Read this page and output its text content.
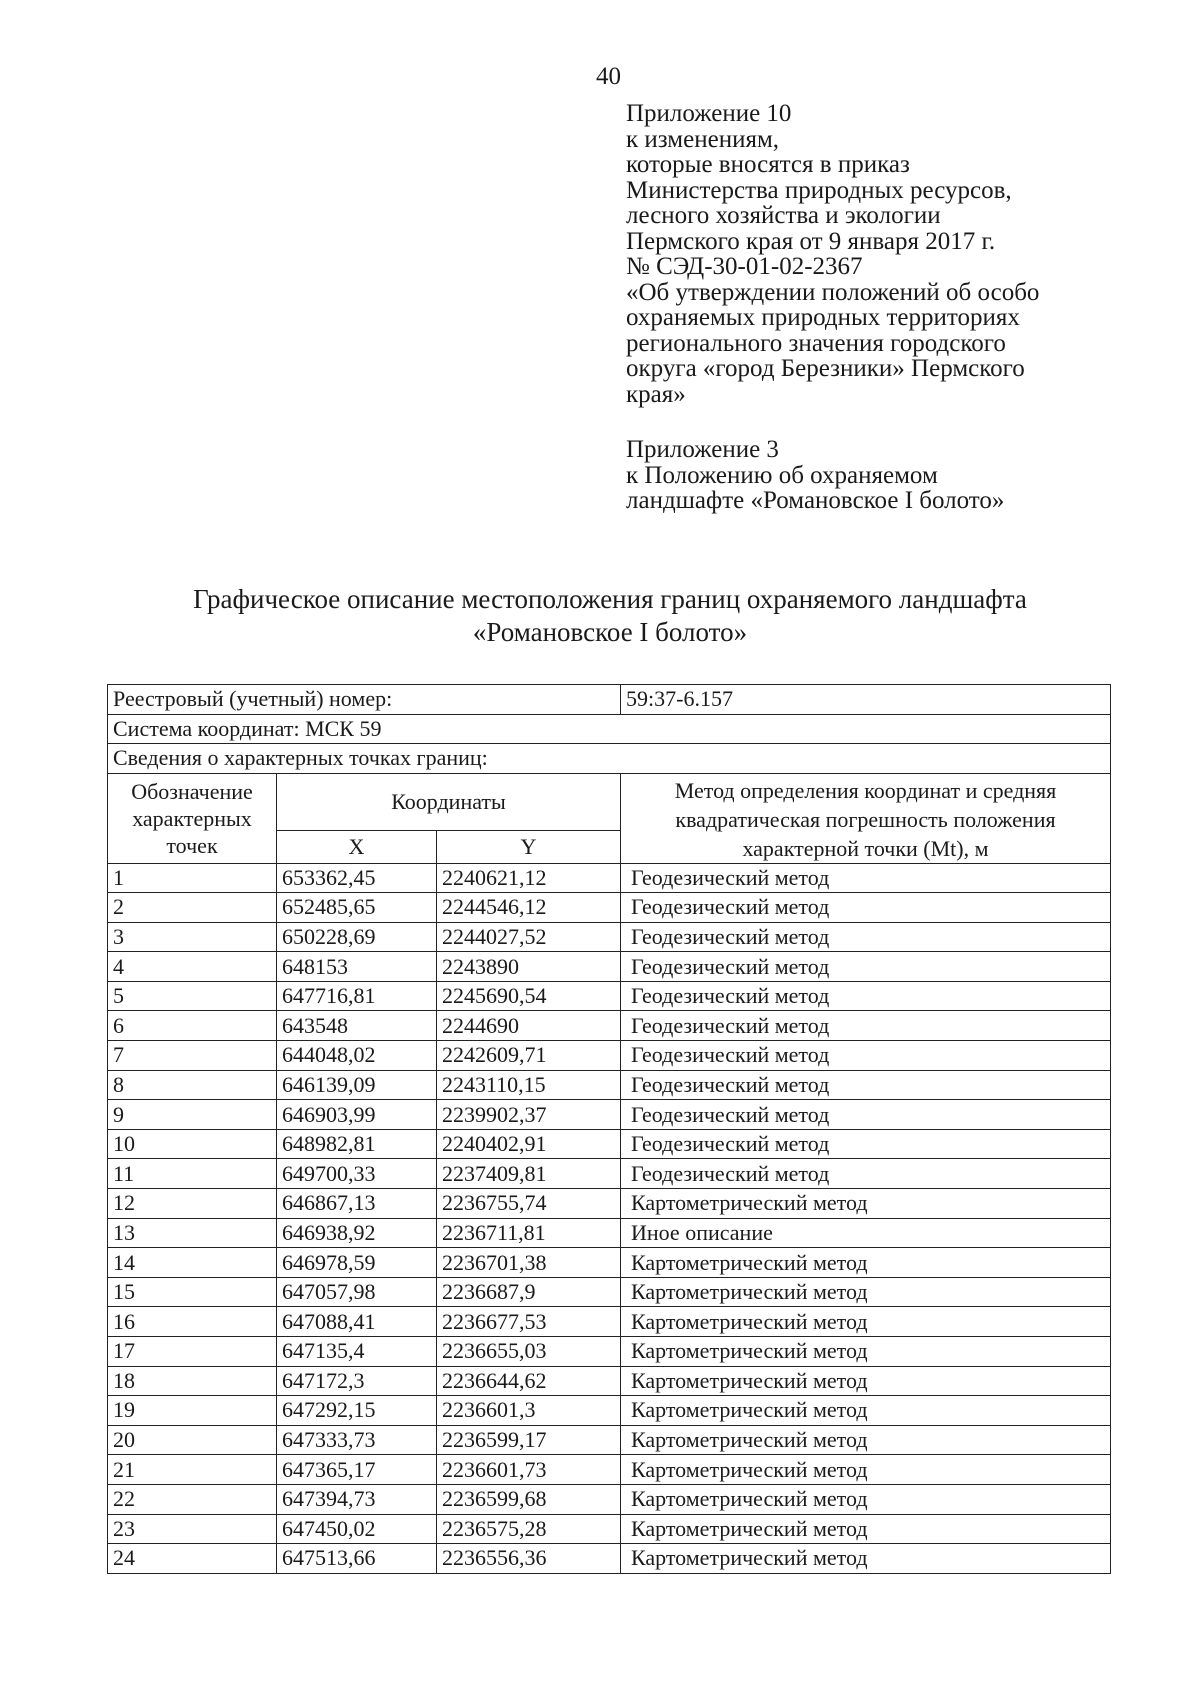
40
Приложение 10
к изменениям,
которые вносятся в приказ
Министерства природных ресурсов,
лесного хозяйства и экологии
Пермского края от 9 января 2017 г.
№ СЭД-30-01-02-2367
«Об утверждении положений об особо
охраняемых природных территориях
регионального значения городского
округа «город Березники» Пермского
края»
Приложение 3
к Положению об охраняемом
ландшафте «Романовское I болото»
Графическое описание местоположения границ охраняемого ландшафта
«Романовское I болото»
Реестровый (учетный) номер:			59:37-6.157
Система координат: МСК 59			
Сведения о характерных точках границ:			
Обозначение характерных точек	Координаты		Метод определения координат и средняя квадратическая погрешность положения характерной точки (Mt), м
	X	Y	
1	653362,45	2240621,12	Геодезический метод
2	652485,65	2244546,12	Геодезический метод
3	650228,69	2244027,52	Геодезический метод
4	648153	2243890	Геодезический метод
5	647716,81	2245690,54	Геодезический метод
6	643548	2244690	Геодезический метод
7	644048,02	2242609,71	Геодезический метод
8	646139,09	2243110,15	Геодезический метод
9	646903,99	2239902,37	Геодезический метод
10	648982,81	2240402,91	Геодезический метод
11	649700,33	2237409,81	Геодезический метод
12	646867,13	2236755,74	Картометрический метод
13	646938,92	2236711,81	Иное описание
14	646978,59	2236701,38	Картометрический метод
15	647057,98	2236687,9	Картометрический метод
16	647088,41	2236677,53	Картометрический метод
17	647135,4	2236655,03	Картометрический метод
18	647172,3	2236644,62	Картометрический метод
19	647292,15	2236601,3	Картометрический метод
20	647333,73	2236599,17	Картометрический метод
21	647365,17	2236601,73	Картометрический метод
22	647394,73	2236599,68	Картометрический метод
23	647450,02	2236575,28	Картометрический метод
24	647513,66	2236556,36	Картометрический метод
